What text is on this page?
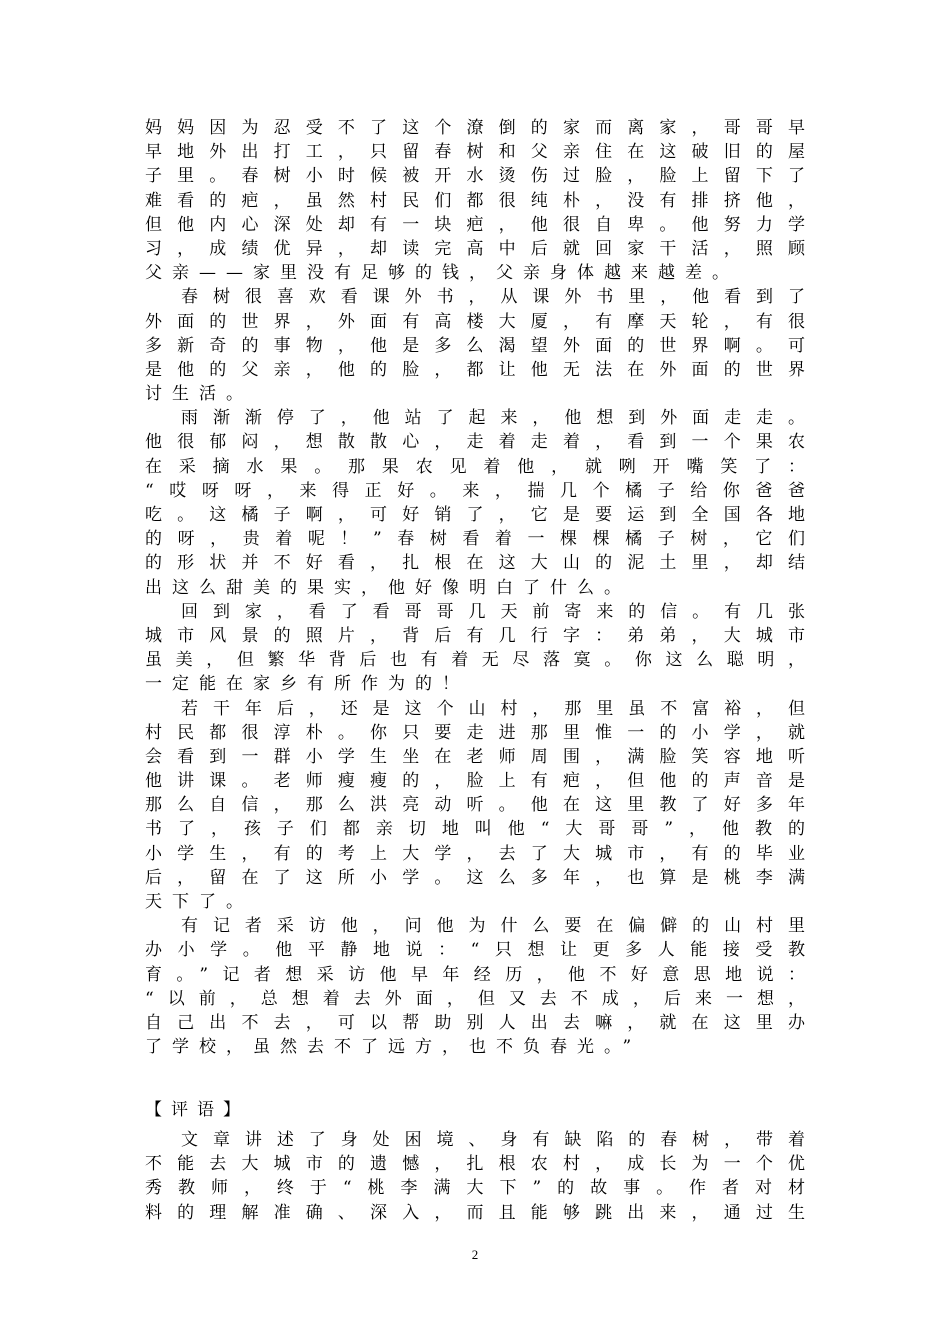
妈妈因为忍受不了这个潦倒的家而离家，哥哥早
早地外出打工，只留春树和父亲住在这破旧的屋
子里。春树小时候被开水烫伤过脸，脸上留下了
难看的疤，虽然村民们都很纯朴，没有排挤他，
但他内心深处却有一块疤，他很自卑。他努力学
习，成绩优异，却读完高中后就回家干活，照顾
父亲——家里没有足够的钱，父亲身体越来越差。
春树很喜欢看课外书，从课外书里，他看到了
外面的世界，外面有高楼大厦，有摩天轮，有很
多新奇的事物，他是多么渴望外面的世界啊。可
是他的父亲，他的脸，都让他无法在外面的世界
讨生活。
雨渐渐停了，他站了起来，他想到外面走走。
他很郁闷，想散散心，走着走着，看到一个果农
在采摘水果。那果农见着他，就咧开嘴笑了：
“哎呀呀，来得正好。来，揣几个橘子给你爸爸
吃。这橘子啊，可好销了，它是要运到全国各地
的呀，贵着呢！”春树看着一棵棵橘子树，它们
的形状并不好看，扎根在这大山的泥土里，却结
出这么甜美的果实，他好像明白了什么。
回到家，看了看哥哥几天前寄来的信。有几张
城市风景的照片，背后有几行字：弟弟，大城市
虽美，但繁华背后也有着无尽落寞。你这么聪明，
一定能在家乡有所作为的！
若干年后，还是这个山村，那里虽不富裕，但
村民都很淳朴。你只要走进那里惟一的小学，就
会看到一群小学生坐在老师周围，满脸笑容地听
他讲课。老师瘦瘦的，脸上有疤，但他的声音是
那么自信，那么洪亮动听。他在这里教了好多年
书了，孩子们都亲切地叫他“大哥哥”，他教的
小学生，有的考上大学，去了大城市，有的毕业
后，留在了这所小学。这么多年，也算是桃李满
天下了。
有记者采访他，问他为什么要在偏僻的山村里
办小学。他平静地说：“只想让更多人能接受教
育。”记者想采访他早年经历，他不好意思地说：
“以前，总想着去外面，但又去不成，后来一想，
自己出不去，可以帮助别人出去嘛，就在这里办
了学校，虽然去不了远方，也不负春光。”
【评语】
文章讲述了身处困境、身有缺陷的春树，带着
不能去大城市的遗憾，扎根农村，成长为一个优
秀教师，终于“桃李满大下”的故事。作者对材
料的理解准确、深入，而且能够跳出来，通过生
2
